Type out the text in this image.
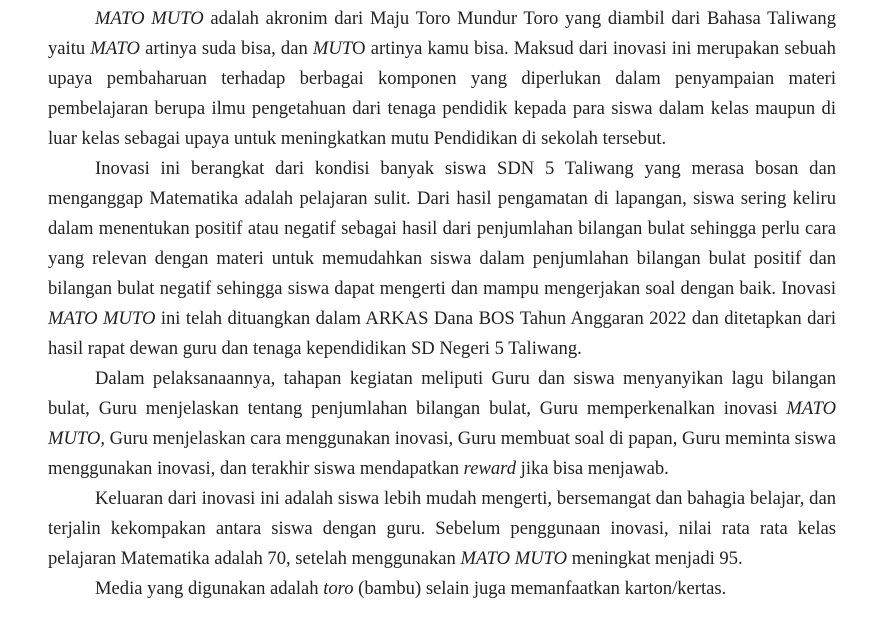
MATO MUTO adalah akronim dari Maju Toro Mundur Toro yang diambil dari Bahasa Taliwang yaitu MATO artinya suda bisa, dan MUTO artinya kamu bisa. Maksud dari inovasi ini merupakan sebuah upaya pembaharuan terhadap berbagai komponen yang diperlukan dalam penyampaian materi pembelajaran berupa ilmu pengetahuan dari tenaga pendidik kepada para siswa dalam kelas maupun di luar kelas sebagai upaya untuk meningkatkan mutu Pendidikan di sekolah tersebut.

Inovasi ini berangkat dari kondisi banyak siswa SDN 5 Taliwang yang merasa bosan dan menganggap Matematika adalah pelajaran sulit. Dari hasil pengamatan di lapangan, siswa sering keliru dalam menentukan positif atau negatif sebagai hasil dari penjumlahan bilangan bulat sehingga perlu cara yang relevan dengan materi untuk memudahkan siswa dalam penjumlahan bilangan bulat positif dan bilangan bulat negatif sehingga siswa dapat mengerti dan mampu mengerjakan soal dengan baik. Inovasi MATO MUTO ini telah dituangkan dalam ARKAS Dana BOS Tahun Anggaran 2022 dan ditetapkan dari hasil rapat dewan guru dan tenaga kependidikan SD Negeri 5 Taliwang.

Dalam pelaksanaannya, tahapan kegiatan meliputi Guru dan siswa menyanyikan lagu bilangan bulat, Guru menjelaskan tentang penjumlahan bilangan bulat, Guru memperkenalkan inovasi MATO MUTO, Guru menjelaskan cara menggunakan inovasi, Guru membuat soal di papan, Guru meminta siswa menggunakan inovasi, dan terakhir siswa mendapatkan reward jika bisa menjawab.

Keluaran dari inovasi ini adalah siswa lebih mudah mengerti, bersemangat dan bahagia belajar, dan terjalin kekompakan antara siswa dengan guru. Sebelum penggunaan inovasi, nilai rata rata kelas pelajaran Matematika adalah 70, setelah menggunakan MATO MUTO meningkat menjadi 95.

Media yang digunakan adalah toro (bambu) selain juga memanfaatkan karton/kertas.
